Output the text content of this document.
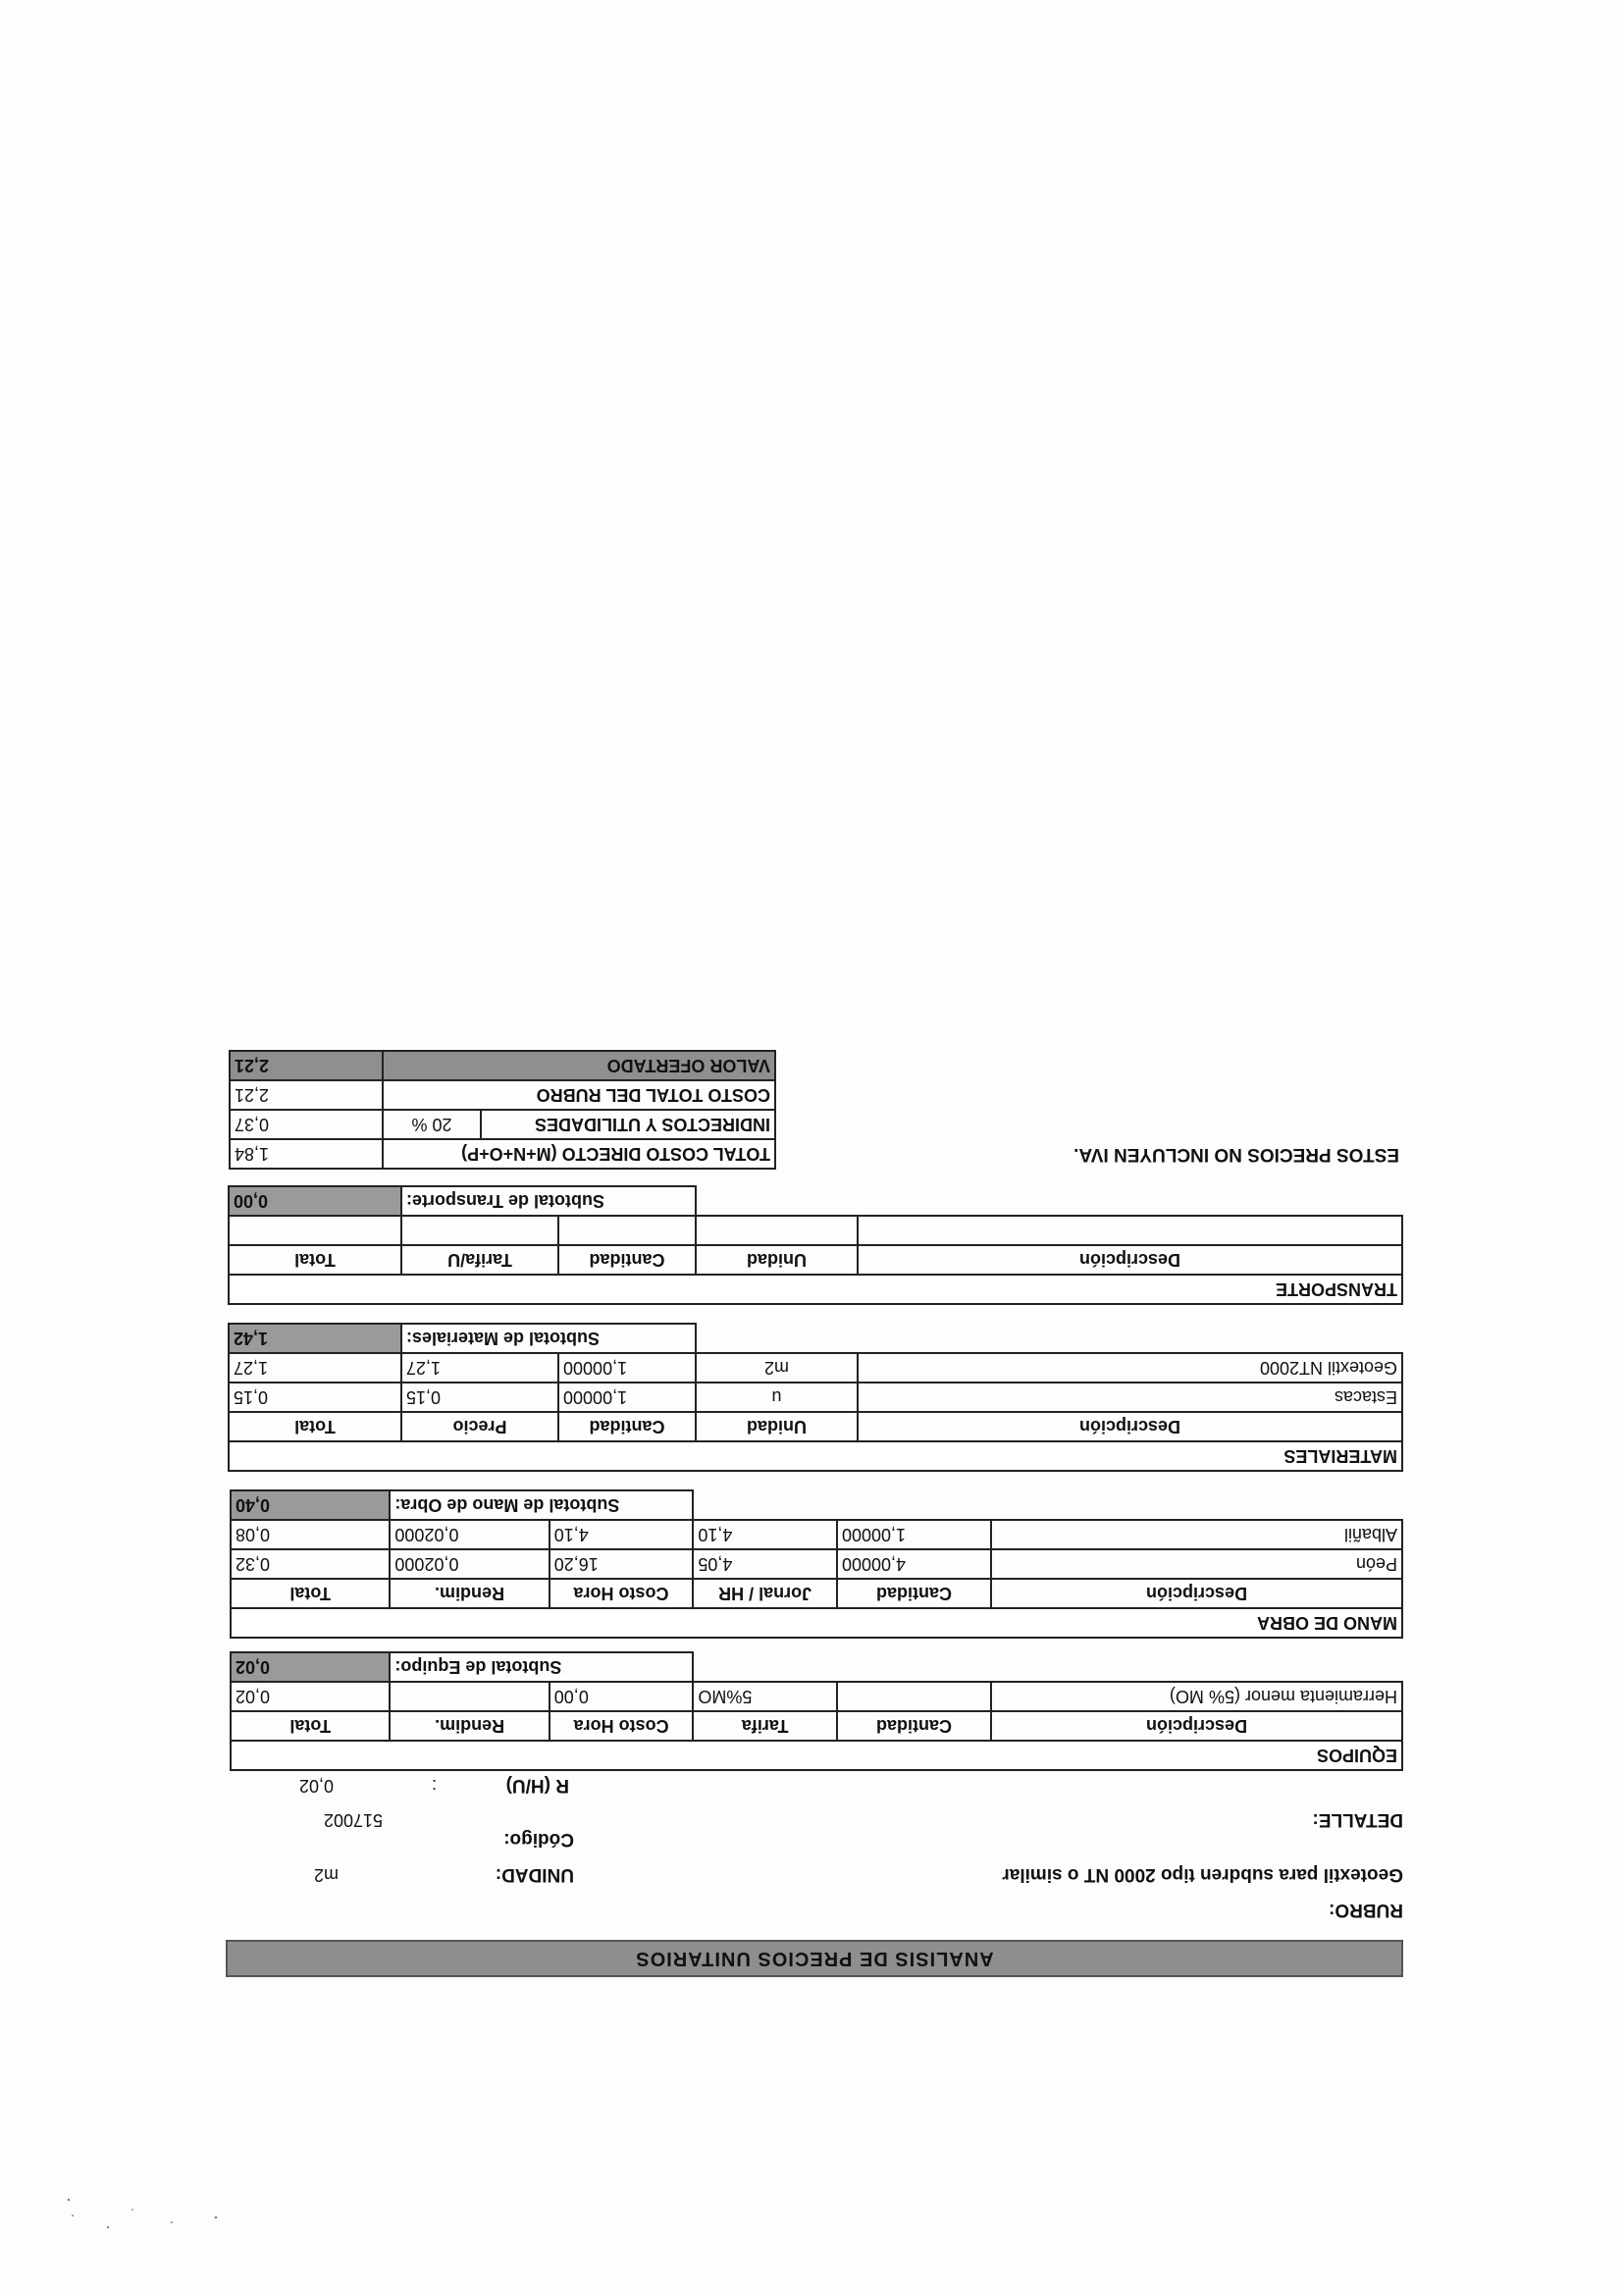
ANALISIS DE PRECIOS UNITARIOS
RUBRO:
Geotextil para subdren tipo 2000 NT o similar
UNIDAD:
m2
Código:
DETALLE:
517002
R (H/U)
:
0,02
EQUIPOS					
Descripción	Cantidad	Tarifa	Costo Hora	Rendim.	Total
Herramienta menor (5% MO)		5%MO	0,00		0,02
			Subtotal de Equipo:		0,02
MANO DE OBRA					
Descripción	Cantidad	Jornal / HR	Costo Hora	Rendim.	Total
Peón	4,00000	4,05	16,20	0,02000	0,32
Albañil	1,00000	4,10	4,10	0,02000	0,08
			Subtotal de Mano de Obra:		0,40
MATERIALES				
Descripción	Unidad	Cantidad	Precio	Total
Estacas	u	1,00000	0,15	0,15
Geotextil NT2000	m2	1,00000	1,27	1,27
		Subtotal de Materiales:		1,42
TRANSPORTE				
Descripción	Unidad	Cantidad	Tarifa/U	Total

		Subtotal de Transporte:		0,00
ESTOS PRECIOS NO INCLUYEN IVA.	TOTAL COSTO DIRECTO (M+N+O+P)		1,84
	INDIRECTOS Y UTILIDADES	20 %	0,37
	COSTO TOTAL DEL RUBRO		2,21
	VALOR OFERTADO		2,21
